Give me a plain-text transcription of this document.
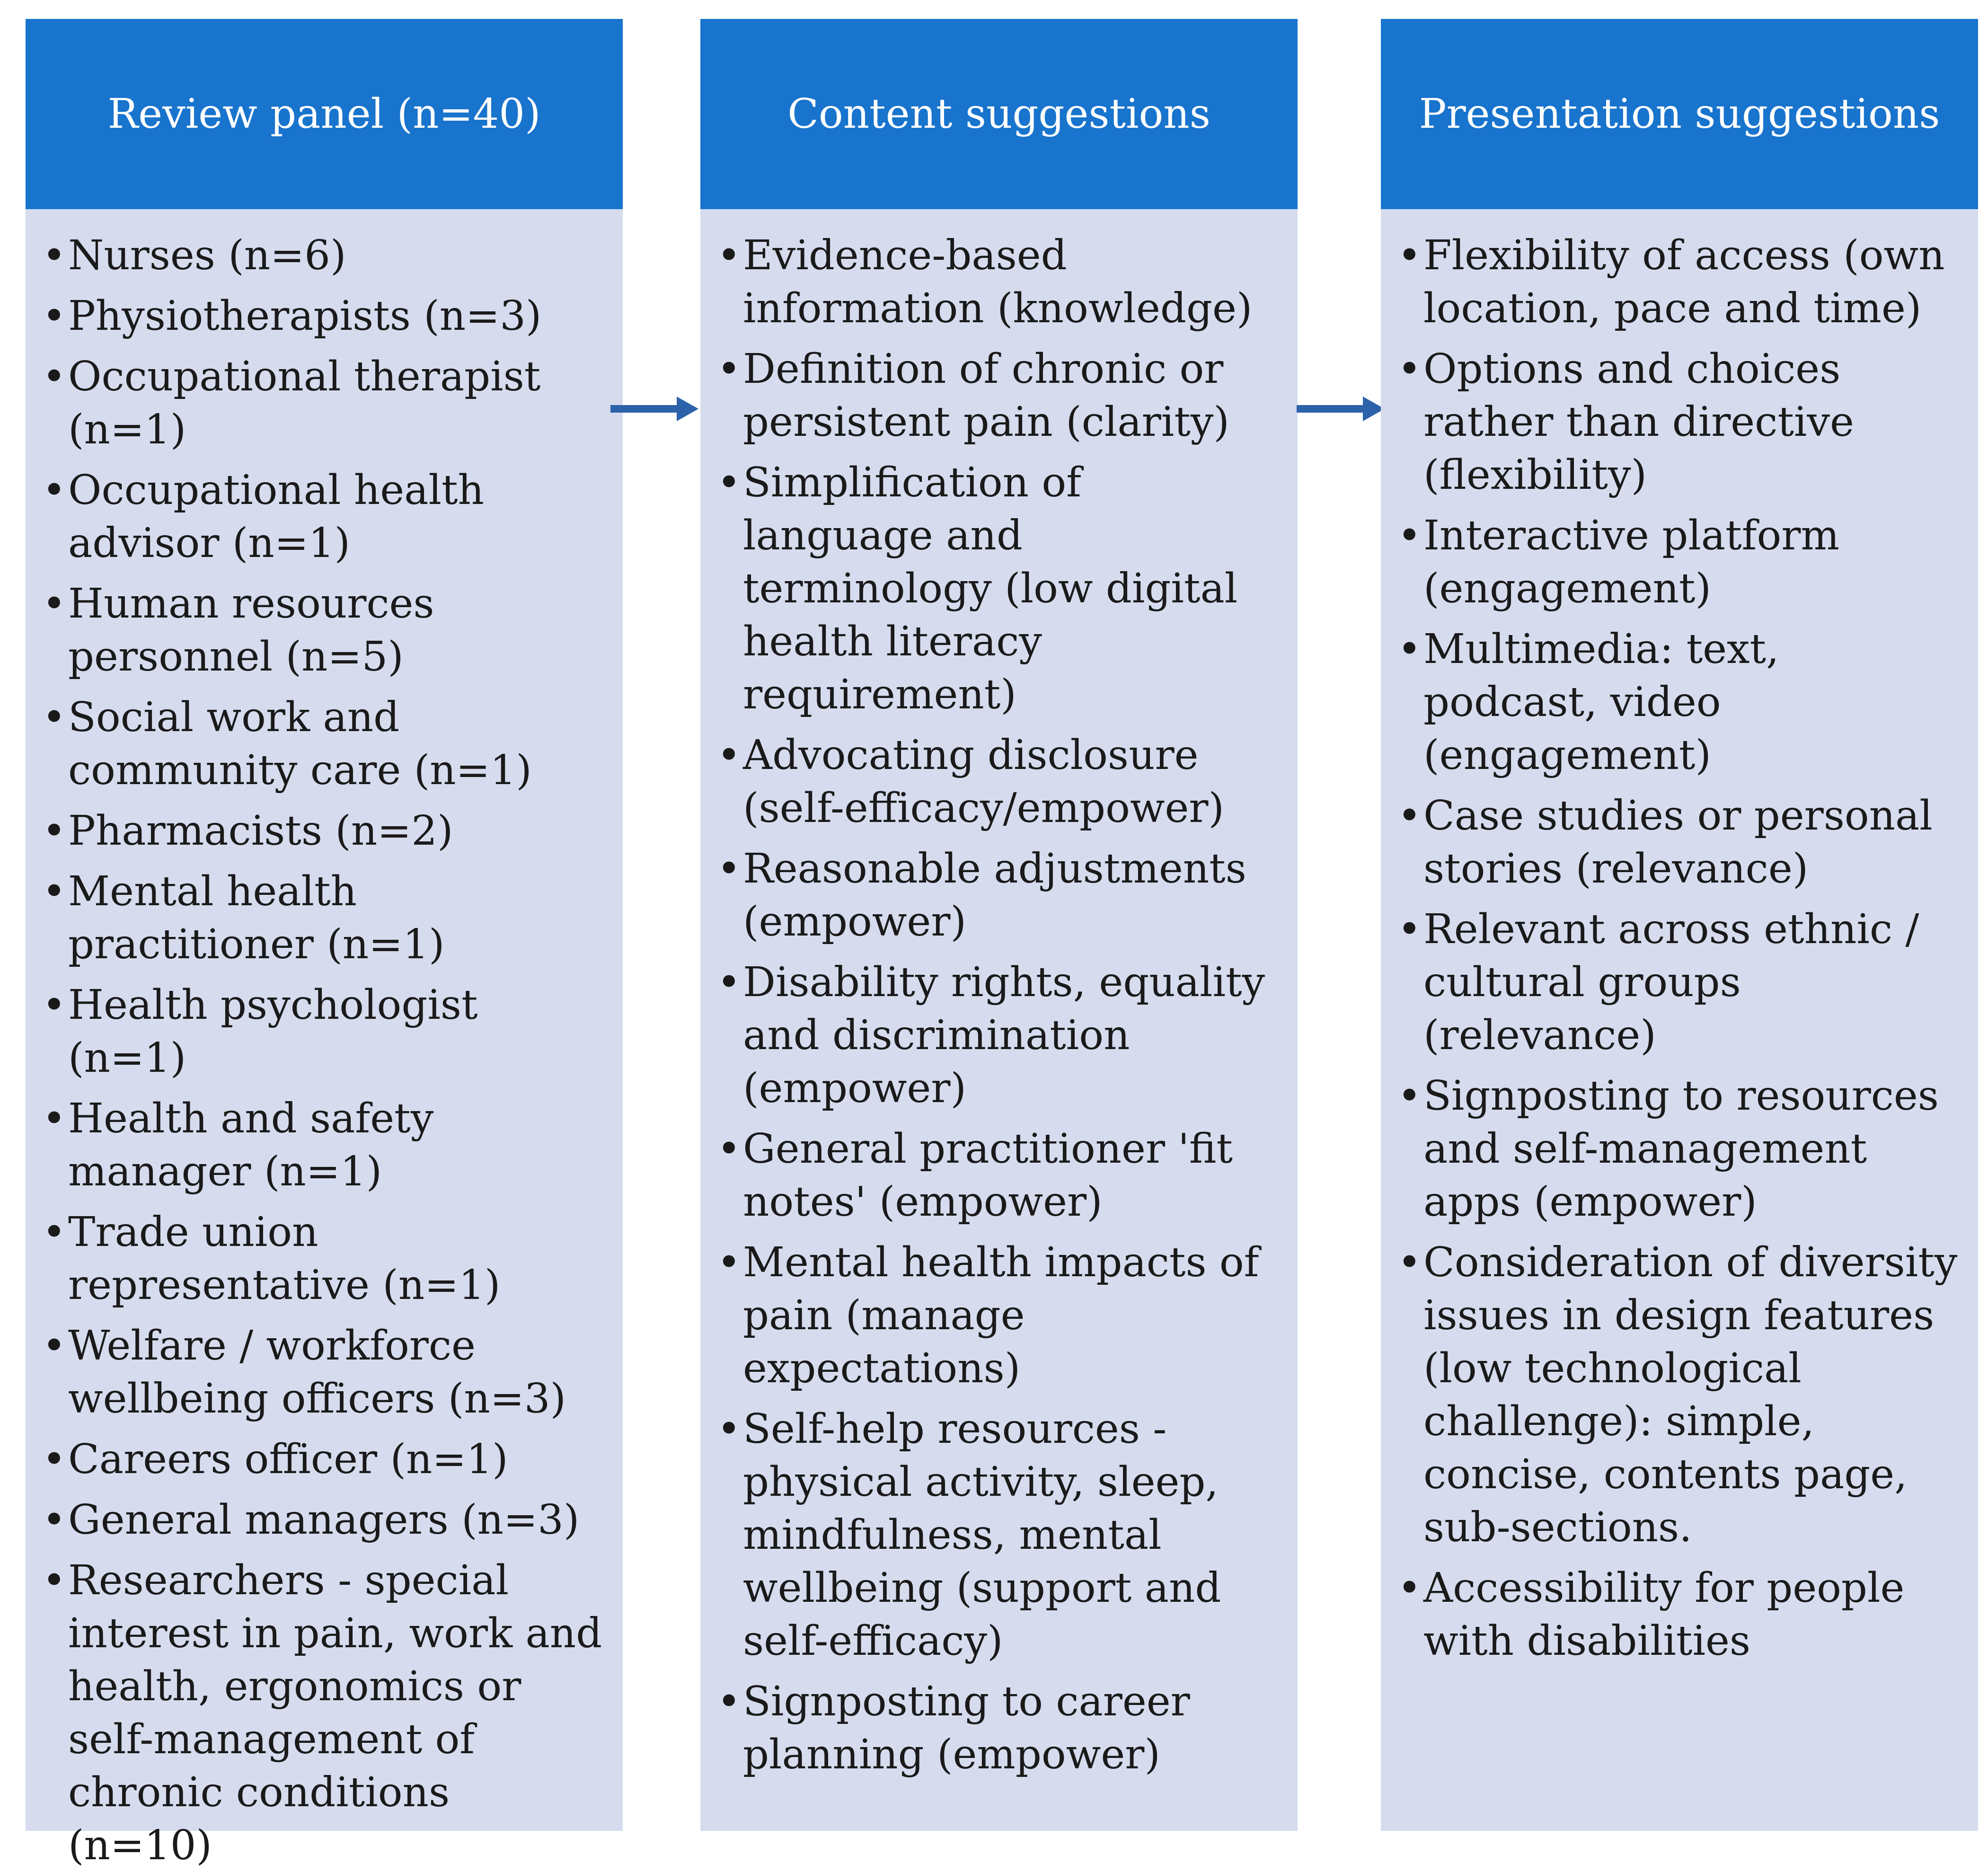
Review panel (n=40)
• Nurses (n=6)
• Physiotherapists (n=3)
• Occupational therapist (n=1)
• Occupational health advisor (n=1)
• Human resources personnel (n=5)
• Social work and community care (n=1)
• Pharmacists (n=2)
• Mental health practitioner (n=1)
• Health psychologist (n=1)
• Health and safety manager (n=1)
• Trade union representative (n=1)
• Welfare / workforce wellbeing officers (n=3)
• Careers officer (n=1)
• General managers (n=3)
• Researchers - special interest in pain, work and health, ergonomics or self-management of chronic conditions (n=10)
Content suggestions
• Evidence-based information (knowledge)
• Definition of chronic or persistent pain (clarity)
• Simplification of language and terminology (low digital health literacy requirement)
• Advocating disclosure (self-efficacy/empower)
• Reasonable adjustments (empower)
• Disability rights, equality and discrimination (empower)
• General practitioner 'fit notes' (empower)
• Mental health impacts of pain (manage expectations)
• Self-help resources - physical activity, sleep, mindfulness, mental wellbeing (support and self-efficacy)
• Signposting to career planning (empower)
Presentation suggestions
• Flexibility of access (own location, pace and time)
• Options and choices rather than directive (flexibility)
• Interactive platform (engagement)
• Multimedia: text, podcast, video (engagement)
• Case studies or personal stories (relevance)
• Relevant across ethnic / cultural groups (relevance)
• Signposting to resources and self-management apps (empower)
• Consideration of diversity issues in design features (low technological challenge): simple, concise, contents page, sub-sections.
• Accessibility for people with disabilities
